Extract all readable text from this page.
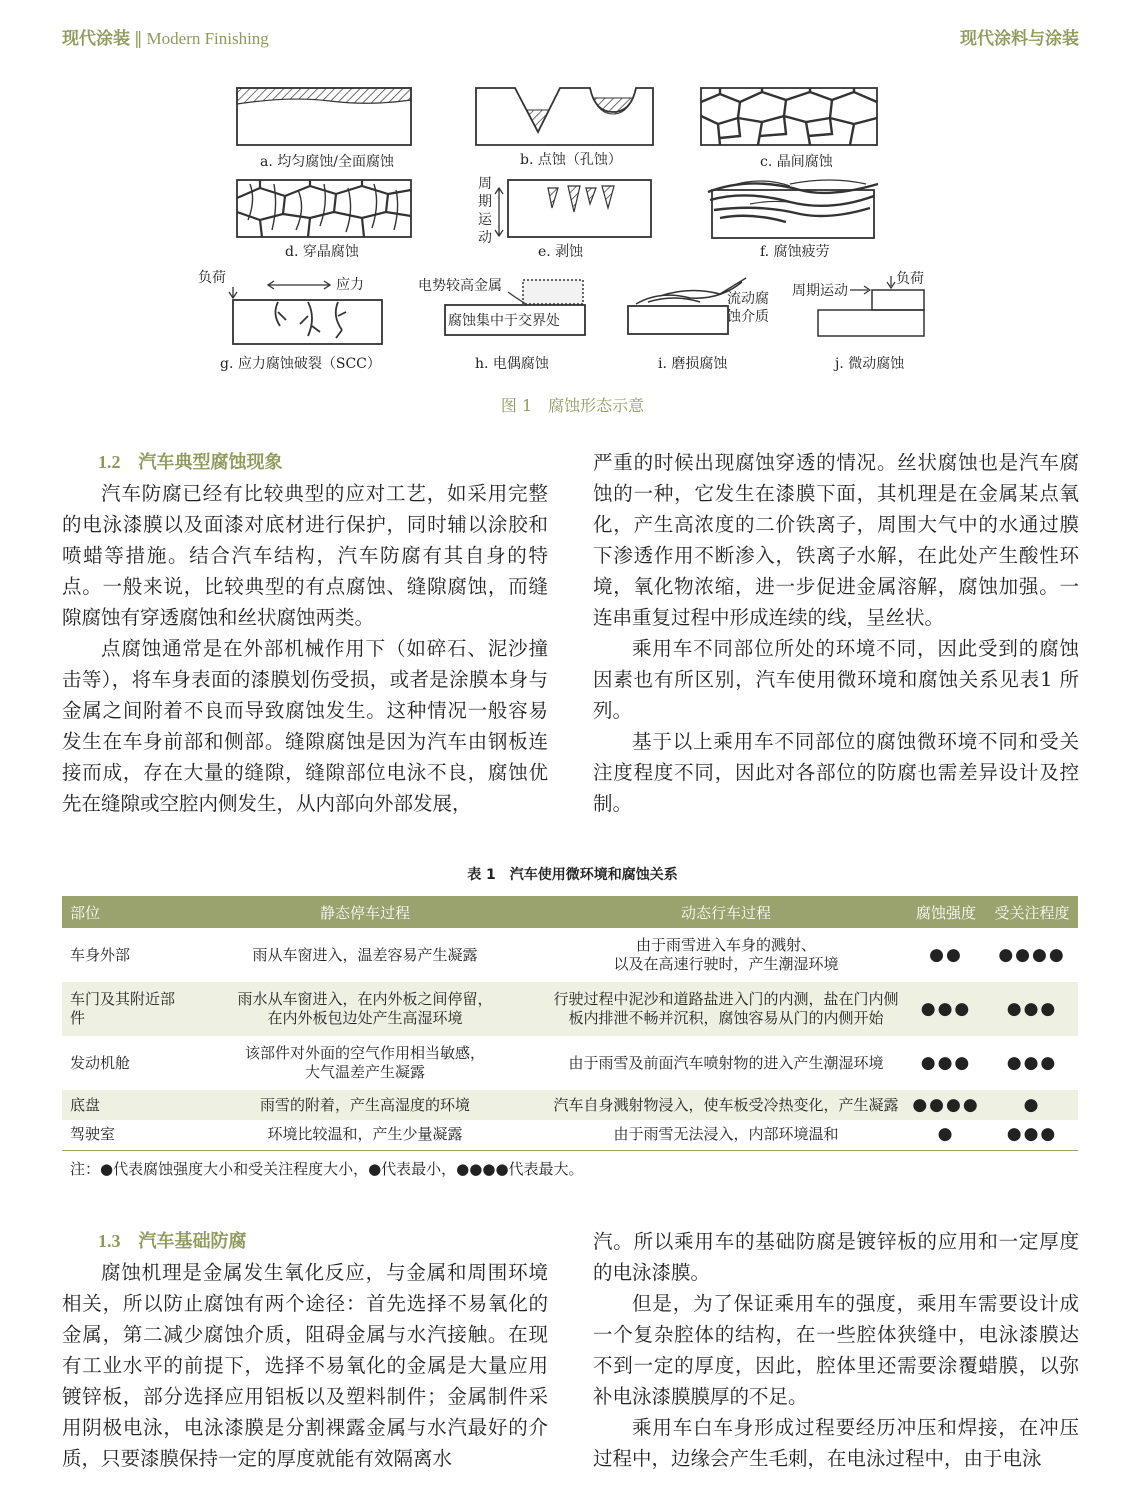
现代涂装 ‖ Modern Finishing	现代涂料与涂装
a. 均匀腐蚀/全面腐蚀	b. 点蚀（孔蚀）	c. 晶间腐蚀
d. 穿晶腐蚀
周
期
运
动
e. 剥蚀	f. 腐蚀疲劳
负荷	应力
g. 应力腐蚀破裂（SCC）
电势较高金属
腐蚀集中于交界处
h. 电偶腐蚀
流动腐
蚀介质
i. 磨损腐蚀
周期运动
负荷
j. 微动腐蚀
图 1　腐蚀形态示意

1.2 汽车典型腐蚀现象

汽车防腐已经有比较典型的应对工艺，如采用完整的电泳漆膜以及面漆对底材进行保护，同时辅以涂胶和喷蜡等措施。结合汽车结构，汽车防腐有其自身的特点。一般来说，比较典型的有点腐蚀、缝隙腐蚀，而缝隙腐蚀有穿透腐蚀和丝状腐蚀两类。

点腐蚀通常是在外部机械作用下（如碎石、泥沙撞击等），将车身表面的漆膜划伤受损，或者是涂膜本身与金属之间附着不良而导致腐蚀发生。这种情况一般容易发生在车身前部和侧部。缝隙腐蚀是因为汽车由钢板连接而成，存在大量的缝隙，缝隙部位电泳不良，腐蚀优先在缝隙或空腔内侧发生，从内部向外部发展，

严重的时候出现腐蚀穿透的情况。丝状腐蚀也是汽车腐蚀的一种，它发生在漆膜下面，其机理是在金属某点氧化，产生高浓度的二价铁离子，周围大气中的水通过膜下渗透作用不断渗入，铁离子水解，在此处产生酸性环境，氧化物浓缩，进一步促进金属溶解，腐蚀加强。一连串重复过程中形成连续的线，呈丝状。

乘用车不同部位所处的环境不同，因此受到的腐蚀因素也有所区别，汽车使用微环境和腐蚀关系见表1 所列。

基于以上乘用车不同部位的腐蚀微环境不同和受关注度程度不同，因此对各部位的防腐也需差异设计及控制。

表 1　汽车使用微环境和腐蚀关系
部位	静态停车过程	动态行车过程	腐蚀强度	受关注程度
车身外部	雨从车窗进入，温差容易产生凝露	由于雨雪进入车身的溅射、
以及在高速行驶时，产生潮湿环境	●●	●●●●
车门及其附近部件	雨水从车窗进入，在内外板之间停留，
在内外板包边处产生高湿环境	行驶过程中泥沙和道路盐进入门的内测，盐在门内侧
板内排泄不畅并沉积，腐蚀容易从门的内侧开始	●●●	●●●
发动机舱	该部件对外面的空气作用相当敏感，
大气温差产生凝露	由于雨雪及前面汽车喷射物的进入产生潮湿环境	●●●	●●●
底盘	雨雪的附着，产生高湿度的环境	汽车自身溅射物浸入，使车板受冷热变化，产生凝露	●●●●	●
驾驶室	环境比较温和，产生少量凝露	由于雨雪无法浸入，内部环境温和	●	●●●
注：●代表腐蚀强度大小和受关注程度大小，●代表最小，●●●●代表最大。

1.3 汽车基础防腐

腐蚀机理是金属发生氧化反应，与金属和周围环境相关，所以防止腐蚀有两个途径：首先选择不易氧化的金属，第二减少腐蚀介质，阻碍金属与水汽接触。在现有工业水平的前提下，选择不易氧化的金属是大量应用镀锌板，部分选择应用铝板以及塑料制件；金属制件采用阴极电泳，电泳漆膜是分割裸露金属与水汽最好的介质，只要漆膜保持一定的厚度就能有效隔离水

汽。所以乘用车的基础防腐是镀锌板的应用和一定厚度的电泳漆膜。

但是，为了保证乘用车的强度，乘用车需要设计成一个复杂腔体的结构，在一些腔体狭缝中，电泳漆膜达不到一定的厚度，因此，腔体里还需要涂覆蜡膜，以弥补电泳漆膜膜厚的不足。

乘用车白车身形成过程要经历冲压和焊接，在冲压过程中，边缘会产生毛刺，在电泳过程中，由于电泳
